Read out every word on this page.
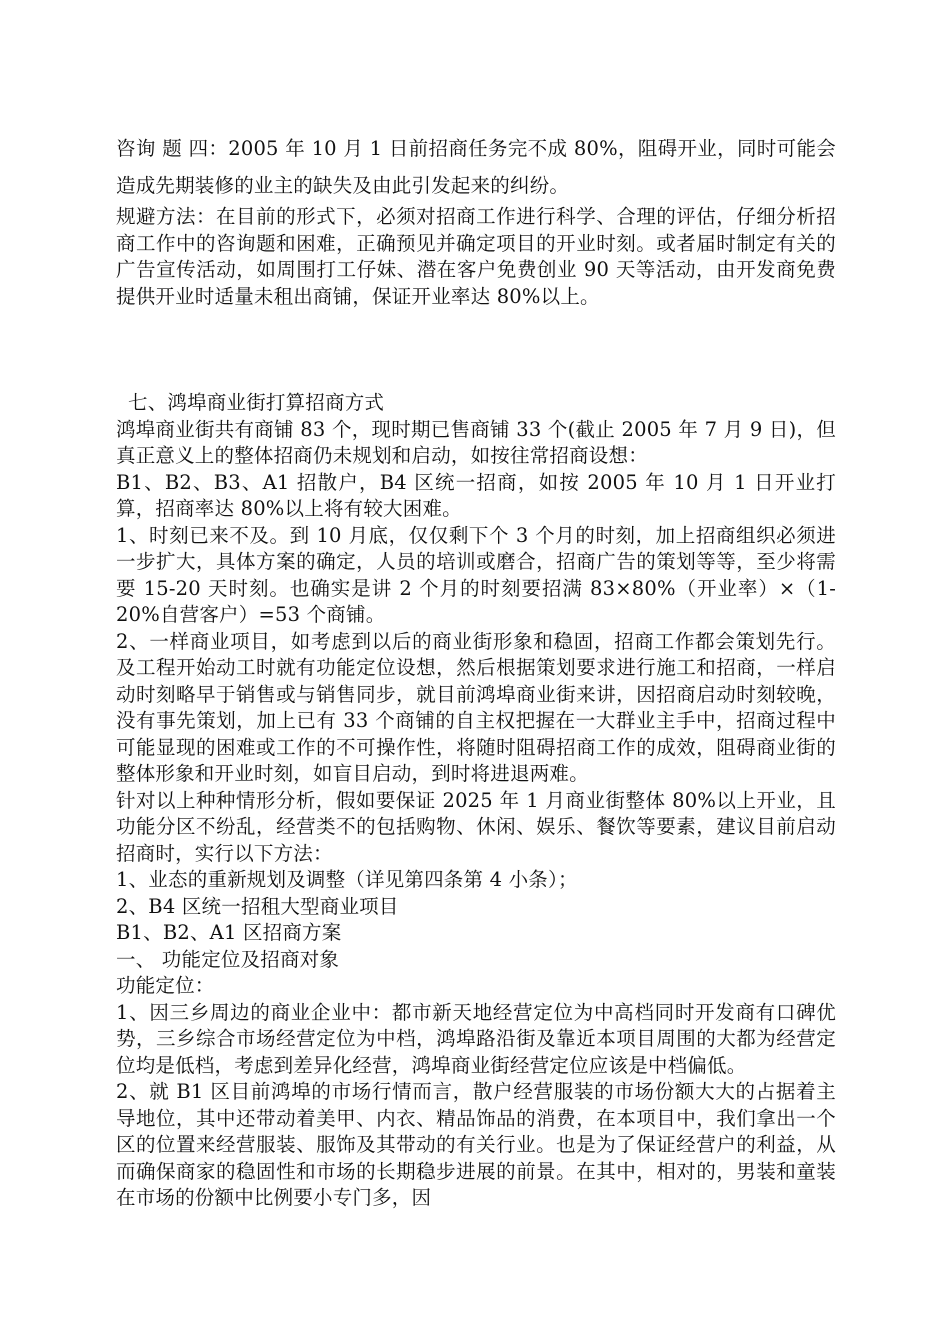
咨询 题 四：2005 年 10 月 1 日前招商任务完不成 80%，阻碍开业，同时可能会造成先期装修的业主的缺失及由此引发起来的纠纷。

规避方法：在目前的形式下，必须对招商工作进行科学、合理的评估，仔细分析招商工作中的咨询题和困难，正确预见并确定项目的开业时刻。或者届时制定有关的广告宣传活动，如周围打工仔妹、潜在客户免费创业 90 天等活动，由开发商免费提供开业时适量未租出商铺，保证开业率达 80%以上。

七、鸿埠商业街打算招商方式

鸿埠商业街共有商铺 83 个，现时期已售商铺 33 个(截止 2005 年 7 月 9 日)，但真正意义上的整体招商仍未规划和启动，如按往常招商设想：

B1、B2、B3、A1 招散户，B4 区统一招商，如按 2005 年 10 月 1 日开业打算，招商率达 80%以上将有较大困难。

1、时刻已来不及。到 10 月底，仅仅剩下个 3 个月的时刻，加上招商组织必须进一步扩大，具体方案的确定，人员的培训或磨合，招商广告的策划等等，至少将需要 15-20 天时刻。也确实是讲 2 个月的时刻要招满 83×80%（开业率）×（1-20%自营客户）=53 个商铺。

2、一样商业项目，如考虑到以后的商业街形象和稳固，招商工作都会策划先行。及工程开始动工时就有功能定位设想，然后根据策划要求进行施工和招商，一样启动时刻略早于销售或与销售同步，就目前鸿埠商业街来讲，因招商启动时刻较晚，没有事先策划，加上已有 33 个商铺的自主权把握在一大群业主手中，招商过程中可能显现的困难或工作的不可操作性，将随时阻碍招商工作的成效，阻碍商业街的整体形象和开业时刻，如盲目启动，到时将进退两难。

针对以上种种情形分析，假如要保证 2025 年 1 月商业街整体 80%以上开业，且功能分区不纷乱，经营类不的包括购物、休闲、娱乐、餐饮等要素，建议目前启动招商时，实行以下方法：

1、业态的重新规划及调整（详见第四条第 4 小条）；

2、B4 区统一招租大型商业项目

B1、B2、A1 区招商方案

一、 功能定位及招商对象

功能定位：

1、因三乡周边的商业企业中：都市新天地经营定位为中高档同时开发商有口碑优势，三乡综合市场经营定位为中档，鸿埠路沿街及靠近本项目周围的大都为经营定位均是低档，考虑到差异化经营，鸿埠商业街经营定位应该是中档偏低。

2、就 B1 区目前鸿埠的市场行情而言，散户经营服装的市场份额大大的占据着主导地位，其中还带动着美甲、内衣、精品饰品的消费，在本项目中，我们拿出一个区的位置来经营服装、服饰及其带动的有关行业。也是为了保证经营户的利益，从而确保商家的稳固性和市场的长期稳步进展的前景。在其中，相对的，男装和童装在市场的份额中比例要小专门多，因
